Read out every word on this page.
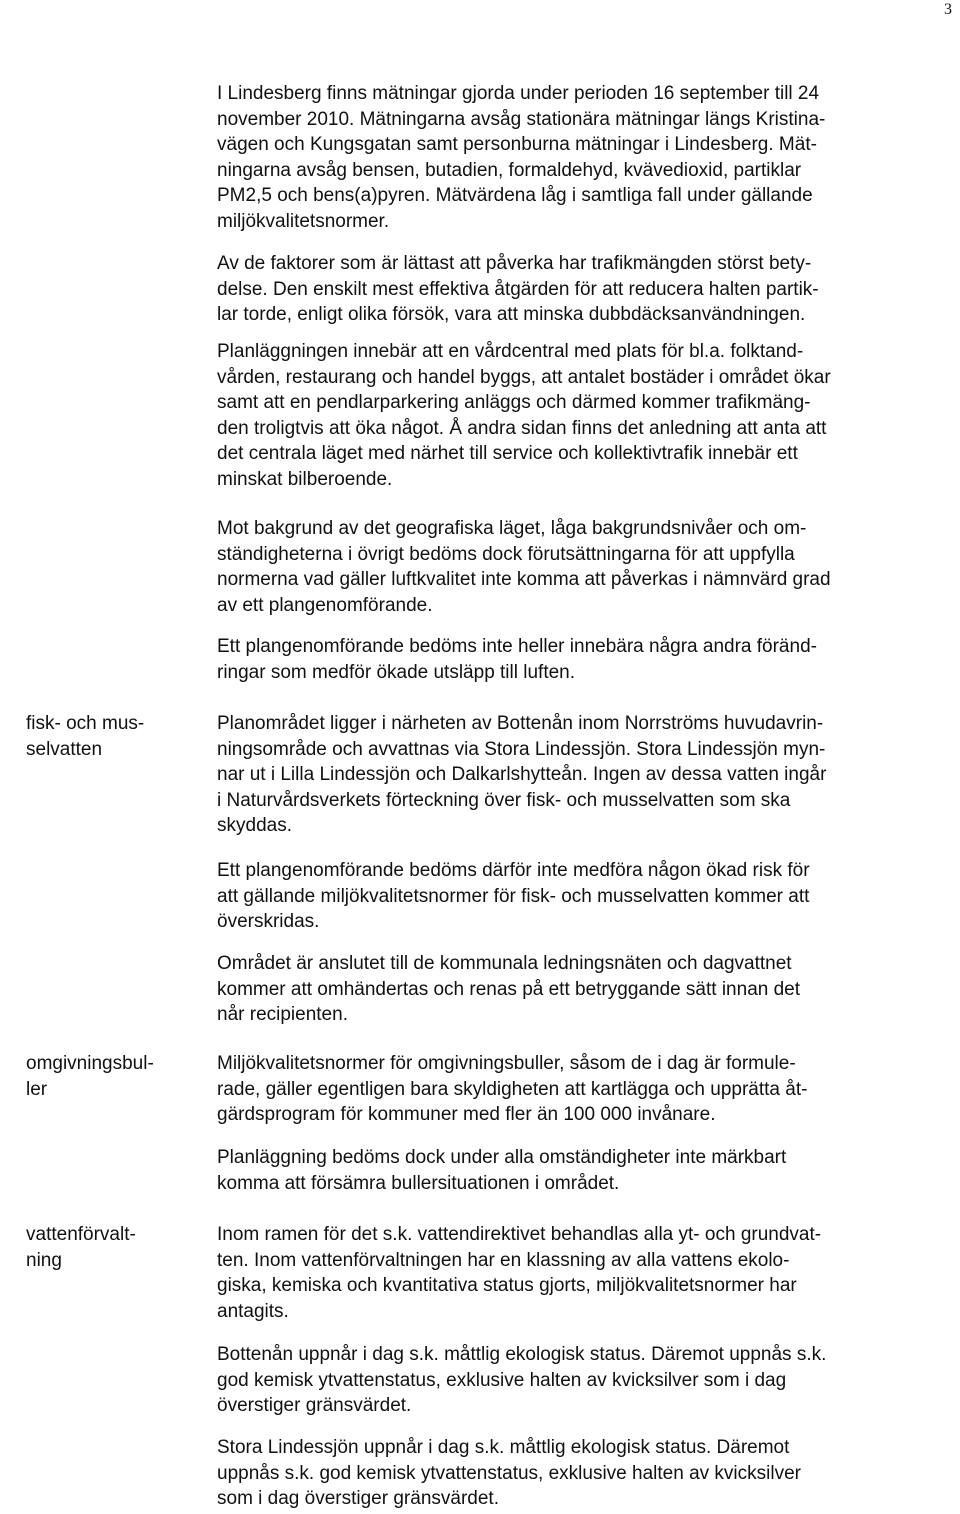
3

fisk- och mus-
selvatten

omgivningsbul-
ler

vattenförvalt-
ning

I Lindesberg finns mätningar gjorda under perioden 16 september till 24
november 2010. Mätningarna avsåg stationära mätningar längs Kristina-
vägen och Kungsgatan samt personburna mätningar i Lindesberg. Mät-
ningarna avsåg bensen, butadien, formaldehyd, kvävedioxid, partiklar
PM2,5 och bens(a)pyren. Mätvärdena låg i samtliga fall under gällande
miljökvalitetsnormer.

Av de faktorer som är lättast att påverka har trafikmängden störst bety-
delse. Den enskilt mest effektiva åtgärden för att reducera halten partik-
lar torde, enligt olika försök, vara att minska dubbdäcksanvändningen.

Planläggningen innebär att en vårdcentral med plats för bl.a. folktand-
vården, restaurang och handel byggs, att antalet bostäder i området ökar
samt att en pendlarparkering anläggs och därmed kommer trafikmäng-
den troligtvis att öka något. Å andra sidan finns det anledning att anta att
det centrala läget med närhet till service och kollektivtrafik innebär ett
minskat bilberoende.

Mot bakgrund av det geografiska läget, låga bakgrundsnivåer och om-
ständigheterna i övrigt bedöms dock förutsättningarna för att uppfylla
normerna vad gäller luftkvalitet inte komma att påverkas i nämnvärd grad
av ett plangenomförande.

Ett plangenomförande bedöms inte heller innebära några andra föränd-
ringar som medför ökade utsläpp till luften.

Planområdet ligger i närheten av Bottenån inom Norrströms huvudavrin-
ningsområde och avvattnas via Stora Lindessjön. Stora Lindessjön myn-
nar ut i Lilla Lindessjön och Dalkarlshytteån. Ingen av dessa vatten ingår
i Naturvårdsverkets förteckning över fisk- och musselvatten som ska
skyddas.

Ett plangenomförande bedöms därför inte medföra någon ökad risk för
att gällande miljökvalitetsnormer för fisk- och musselvatten kommer att
överskridas.

Området är anslutet till de kommunala ledningsnäten och dagvattnet
kommer att omhändertas och renas på ett betryggande sätt innan det
når recipienten.

Miljökvalitetsnormer för omgivningsbuller, såsom de i dag är formule-
rade, gäller egentligen bara skyldigheten att kartlägga och upprätta åt-
gärdsprogram för kommuner med fler än 100 000 invånare.

Planläggning bedöms dock under alla omständigheter inte märkbart
komma att försämra bullersituationen i området.

Inom ramen för det s.k. vattendirektivet behandlas alla yt- och grundvat-
ten. Inom vattenförvaltningen har en klassning av alla vattens ekolo-
giska, kemiska och kvantitativa status gjorts, miljökvalitetsnormer har
antagits.

Bottenån uppnår i dag s.k. måttlig ekologisk status. Däremot uppnås s.k.
god kemisk ytvattenstatus, exklusive halten av kvicksilver som i dag
överstiger gränsvärdet.

Stora Lindessjön uppnår i dag s.k. måttlig ekologisk status. Däremot
uppnås s.k. god kemisk ytvattenstatus, exklusive halten av kvicksilver
som i dag överstiger gränsvärdet.
